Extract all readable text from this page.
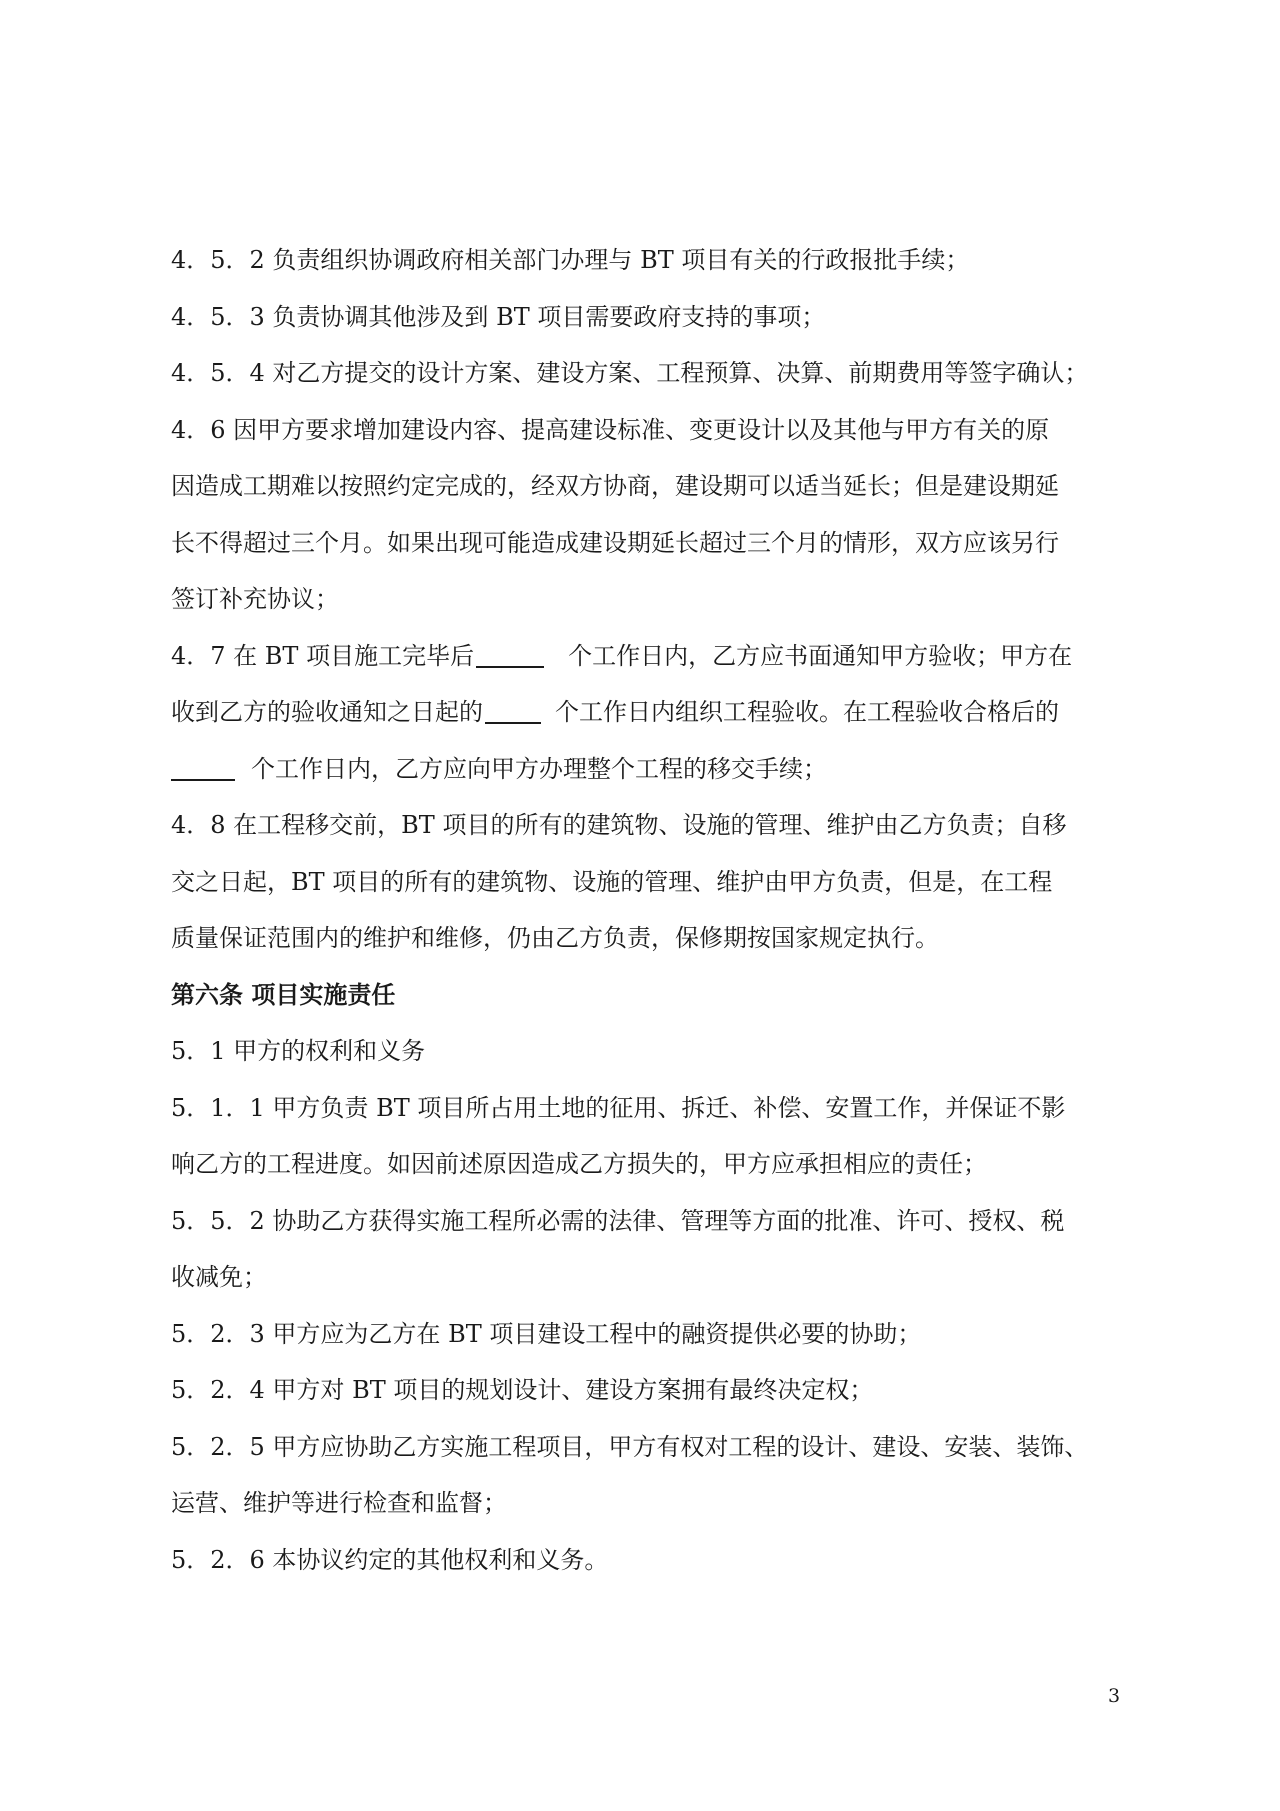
4．5．2 负责组织协调政府相关部门办理与 BT 项目有关的行政报批手续；
4．5．3 负责协调其他涉及到 BT 项目需要政府支持的事项；
4．5．4 对乙方提交的设计方案、建设方案、工程预算、决算、前期费用等签字确认；
4．6 因甲方要求增加建设内容、提高建设标准、变更设计以及其他与甲方有关的原
因造成工期难以按照约定完成的，经双方协商，建设期可以适当延长；但是建设期延
长不得超过三个月。如果出现可能造成建设期延长超过三个月的情形，双方应该另行
签订补充协议；
4．7 在 BT 项目施工完毕后	个工作日内，乙方应书面通知甲方验收；甲方在
收到乙方的验收通知之日起的	个工作日内组织工程验收。在工程验收合格后的
个工作日内，乙方应向甲方办理整个工程的移交手续；
4．8 在工程移交前，BT 项目的所有的建筑物、设施的管理、维护由乙方负责；自移
交之日起，BT 项目的所有的建筑物、设施的管理、维护由甲方负责，但是，在工程
质量保证范围内的维护和维修，仍由乙方负责，保修期按国家规定执行。
第六条 项目实施责任
5．1 甲方的权利和义务
5．1．1 甲方负责 BT 项目所占用土地的征用、拆迁、补偿、安置工作，并保证不影
响乙方的工程进度。如因前述原因造成乙方损失的，甲方应承担相应的责任；
5．5．2 协助乙方获得实施工程所必需的法律、管理等方面的批准、许可、授权、税
收减免；
5．2．3 甲方应为乙方在 BT 项目建设工程中的融资提供必要的协助；
5．2．4 甲方对 BT 项目的规划设计、建设方案拥有最终决定权；
5．2．5 甲方应协助乙方实施工程项目，甲方有权对工程的设计、建设、安装、装饰、
运营、维护等进行检查和监督；
5．2．6 本协议约定的其他权利和义务。
3
